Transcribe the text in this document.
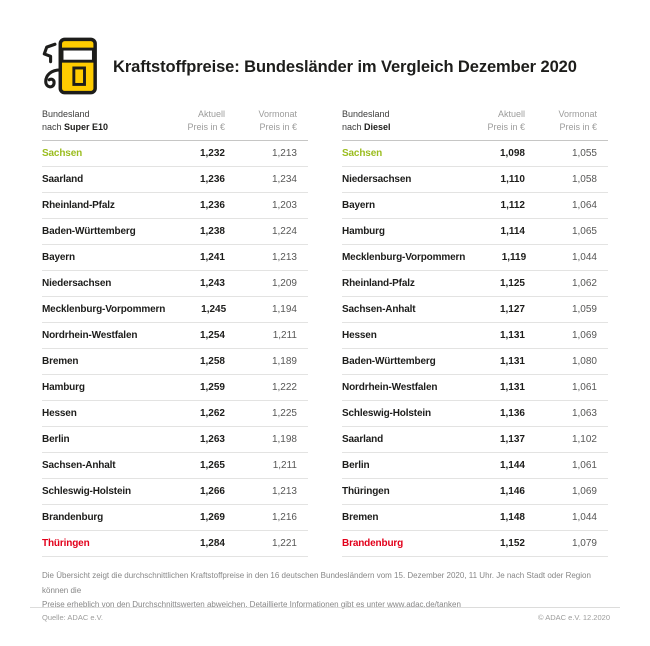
Kraftstoffpreise: Bundesländer im Vergleich Dezember 2020
Bundesland
nach Super E10
Aktuell
Preis in €
Vormonat
Preis in €
Sachsen	1,232	1,213
Saarland	1,236	1,234
Rheinland-Pfalz	1,236	1,203
Baden-Württemberg	1,238	1,224
Bayern	1,241	1,213
Niedersachsen	1,243	1,209
Mecklenburg-Vorpommern	1,245	1,194
Nordrhein-Westfalen	1,254	1,211
Bremen	1,258	1,189
Hamburg	1,259	1,222
Hessen	1,262	1,225
Berlin	1,263	1,198
Sachsen-Anhalt	1,265	1,211
Schleswig-Holstein	1,266	1,213
Brandenburg	1,269	1,216
Thüringen	1,284	1,221
Bundesland
nach Diesel
Aktuell
Preis in €
Vormonat
Preis in €
Sachsen	1,098	1,055
Niedersachsen	1,110	1,058
Bayern	1,112	1,064
Hamburg	1,114	1,065
Mecklenburg-Vorpommern	1,119	1,044
Rheinland-Pfalz	1,125	1,062
Sachsen-Anhalt	1,127	1,059
Hessen	1,131	1,069
Baden-Württemberg	1,131	1,080
Nordrhein-Westfalen	1,131	1,061
Schleswig-Holstein	1,136	1,063
Saarland	1,137	1,102
Berlin	1,144	1,061
Thüringen	1,146	1,069
Bremen	1,148	1,044
Brandenburg	1,152	1,079

Die Übersicht zeigt die durchschnittlichen Kraftstoffpreise in den 16 deutschen Bundesländern vom 15. Dezember 2020, 11 Uhr. Je nach Stadt oder Region können die
Preise erheblich von den Durchschnittswerten abweichen. Detaillierte Informationen gibt es unter www.adac.de/tanken

Quelle: ADAC e.V.	© ADAC e.V. 12.2020
